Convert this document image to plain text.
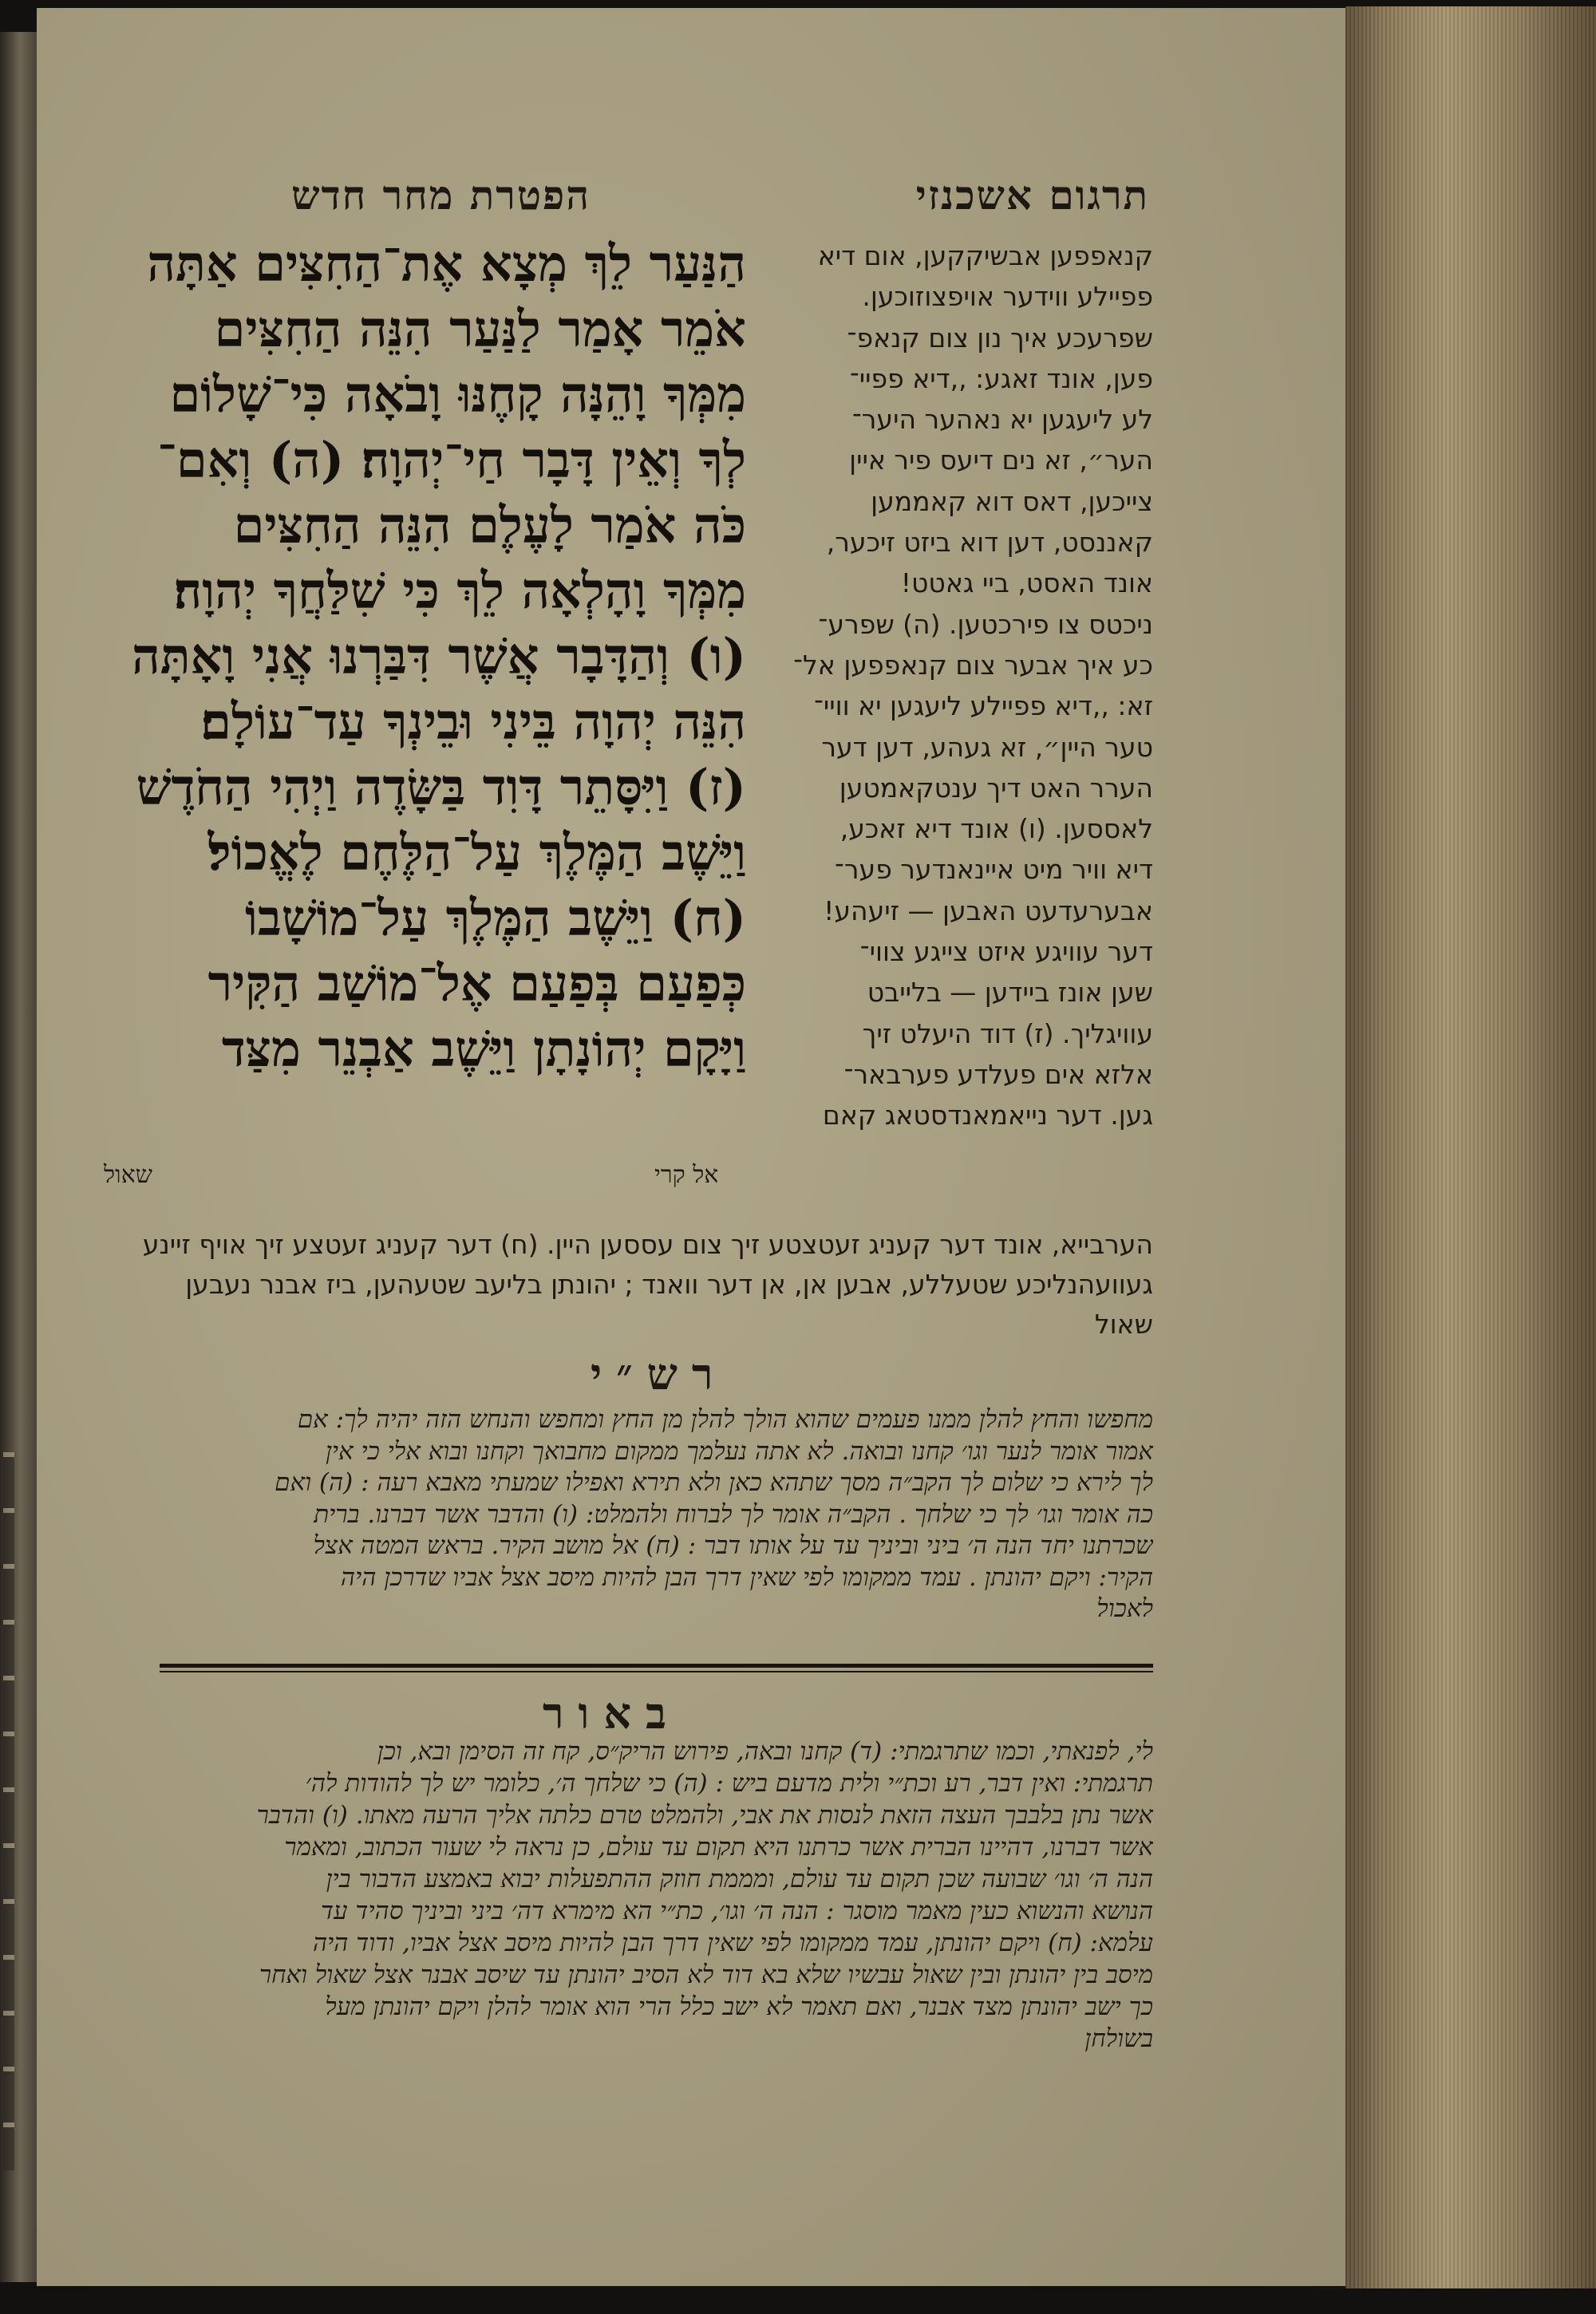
הפטרת מחר חדש	תרגום אשכנזי
הַנַּעַר לֵךְ מְצָא אֶת־הַחִצִּים אַתָּה
אֹמֵר אָמַר לַנַּעַר הִנֵּה הַחִצִּים
מִמְּךָ וָהֵנָּה קָחֶנּוּ וָבֹאָה כִּי־שָׁלוֹם
לְךָ וְאֵין דָּבָר חַי־יְהוָה׃ (ה) וְאִם־
כֹּה אֹמַר לָעֶלֶם הִנֵּה הַחִצִּים
מִמְּךָ וָהָלְאָה לֵךְ כִּי שִׁלַּחֲךָ יְהוָה׃
(ו) וְהַדָּבָר אֲשֶׁר דִּבַּרְנוּ אֲנִי וָאָתָּה
הִנֵּה יְהוָה בֵּינִי וּבֵינְךָ עַד־עוֹלָם׃
(ז) וַיִּסָּתֵר דָּוִד בַּשָּׂדֶה וַיְהִי הַחֹדֶשׁ
וַיֵּשֶׁב הַמֶּלֶךְ עַל־הַלֶּחֶם לֶאֱכוֹל׃
(ח) וַיֵּשֶׁב הַמֶּלֶךְ עַל־מוֹשָׁבוֹ
כְּפַעַם בְּפַעַם אֶל־מוֹשַׁב הַקִּיר
וַיָּקָם יְהוֹנָתָן וַיֵּשֶׁב אַבְנֵר מִצַּד
אל קרי
שאול
קנאפפען אבשיקקען, אום דיא
פפיילע ווידער אויפצוזוכען.
שפרעכע איך נון צום קנאפ־
פען, אונד זאגע: ,,דיא פפיי־
לע ליעגען יא נאהער היער־
הער״, זא נים דיעס פיר איין
צייכען, דאס דוא קאממען
קאננסט, דען דוא ביזט זיכער,
אונד האסט, ביי גאטט!
ניכטס צו פירכטען. (ה) שפרע־
כע איך אבער צום קנאפפען אל־
זא: ,,דיא פפיילע ליעגען יא וויי־
טער היין״, זא געהע, דען דער
הערר האט דיך ענטקאמטען
לאססען. (ו) אונד דיא זאכע,
דיא וויר מיט איינאנדער פער־
אבערעדעט האבען — זיעהע!
דער עוויגע איזט צייגע צווי־
שען אונז ביידען — בלייבט
עוויגליך. (ז) דוד היעלט זיך
אלזא אים פעלדע פערבאר־
גען. דער נייאמאנדסטאג קאם
הערבייא, אונד דער קעניג זעטצטע זיך צום עססען היין. (ח) דער קעניג זעטצע זיך אויף זיינע
געוועהנליכע שטעללע, אבען אן, אן דער וואנד ; יהונתן בליעב שטעהען, ביז אבנר נעבען
שאול
רש״י
מחפשו והחץ להלן ממנו פעמים שהוא הולך להלן מן החץ ומחפש והנחש הזה יהיה לך: אם
אמור אומר לנער וגו׳ קחנו ובואה. לא אתה נעלמך ממקום מחבואך וקחנו ובוא אלי כי אין
לך לירא כי שלום לך הקב״ה מסך שתהא כאן ולא תירא ואפילו שמעתי מאבא רעה : (ה) ואם
כה אומר וגו׳ לך כי שלחך . הקב״ה אומר לך לברוח ולהמלט: (ו) והדבר אשר דברנו. ברית
שכרתנו יחד הנה ה׳ ביני וביניך עד על אותו דבר : (ח) אל מושב הקיר. בראש המטה אצל
הקיר: ויקם יהונתן . עמד ממקומו לפי שאין דרך הבן להיות מיסב אצל אביו שדרכן היה
לאכול
באור
לי, לפנאתי, וכמו שתרגמתי: (ד) קחנו ובאה, פירוש הריק״ס, קח זה הסימן ובא, וכן
תרגמתי: ואין דבר, רע וכת״י ולית מדעם ביש : (ה) כי שלחך ה׳, כלומר יש לך להודות לה׳
אשר נתן בלבבך העצה הזאת לנסות את אבי, ולהמלט טרם כלתה אליך הרעה מאתו. (ו) והדבר
אשר דברנו, דהיינו הברית אשר כרתנו היא תקום עד עולם, כן נראה לי שעור הכתוב, ומאמר
הנה ה׳ וגו׳ שבועה שכן תקום עד עולם, ומממת חוזק ההתפעלות יבוא באמצע הדבור בין
הנושא והנשוא כעין מאמר מוסגר : הנה ה׳ וגו׳, כת״י הא מימרא דה׳ ביני וביניך סהיד עד
עלמא: (ח) ויקם יהונתן, עמד ממקומו לפי שאין דרך הבן להיות מיסב אצל אביו, ודוד היה
מיסב בין יהונתן ובין שאול עבשיו שלא בא דוד לא הסיב יהונתן עד שיסב אבנר אצל שאול ואחר
כך ישב יהונתן מצד אבנר, ואם תאמר לא ישב כלל הרי הוא אומר להלן ויקם יהונתן מעל
בשולחן
